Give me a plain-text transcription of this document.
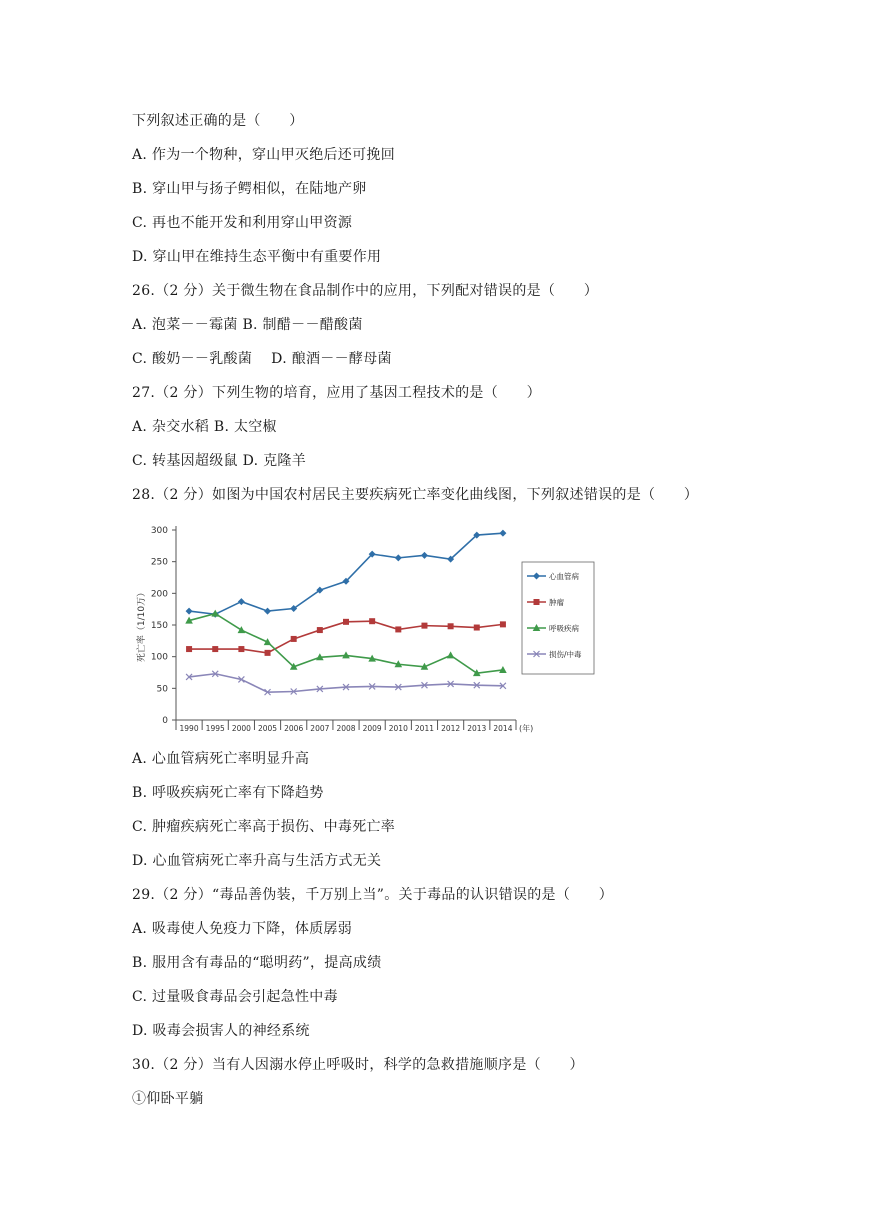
下列叙述正确的是（　　）
A. 作为一个物种，穿山甲灭绝后还可挽回
B. 穿山甲与扬子鳄相似，在陆地产卵
C. 再也不能开发和利用穿山甲资源
D. 穿山甲在维持生态平衡中有重要作用
26.（2 分）关于微生物在食品制作中的应用，下列配对错误的是（　　）
A. 泡菜－－霉菌 B. 制醋－－醋酸菌
C. 酸奶－－乳酸菌　 D. 酿酒－－酵母菌
27.（2 分）下列生物的培育，应用了基因工程技术的是（　　）
A. 杂交水稻 B. 太空椒
C. 转基因超级鼠 D. 克隆羊
28.（2 分）如图为中国农村居民主要疾病死亡率变化曲线图，下列叙述错误的是（　　）
0
50
100
150
200
250
300
1990 1995 2000 2005 2006 2007 2008 2009 2010 2011 2012 2013 2014 (年)
死亡率（1/10万）
心血管病
肿瘤
呼吸疾病
损伤/中毒
A. 心血管病死亡率明显升高
B. 呼吸疾病死亡率有下降趋势
C. 肿瘤疾病死亡率高于损伤、中毒死亡率
D. 心血管病死亡率升高与生活方式无关
29.（2 分）“毒品善伪装，千万别上当”。关于毒品的认识错误的是（　　）
A. 吸毒使人免疫力下降，体质孱弱
B. 服用含有毒品的“聪明药”，提高成绩
C. 过量吸食毒品会引起急性中毒
D. 吸毒会损害人的神经系统
30.（2 分）当有人因溺水停止呼吸时，科学的急救措施顺序是（　　）
①仰卧平躺
